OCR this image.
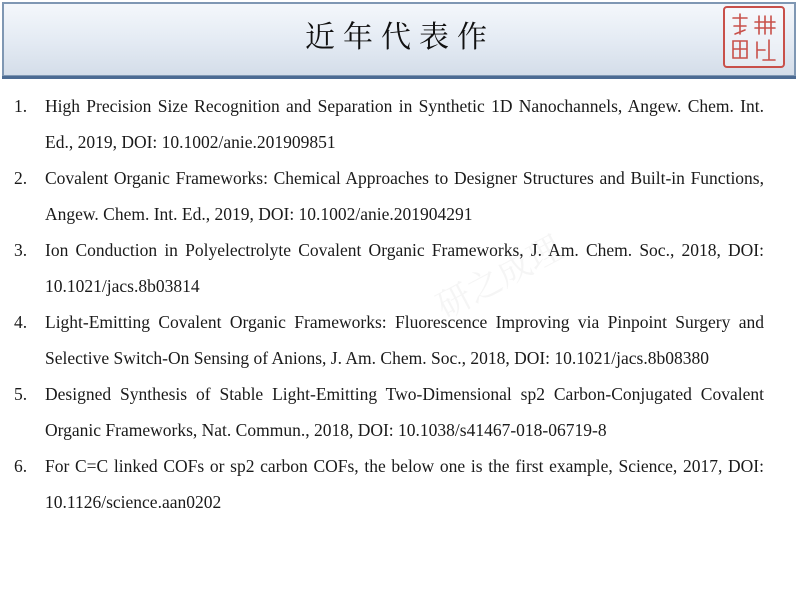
近年代表作
研之成理
1. High Precision Size Recognition and Separation in Synthetic 1D Nanochannels, Angew. Chem. Int. Ed., 2019, DOI: 10.1002/anie.201909851
2. Covalent Organic Frameworks: Chemical Approaches to Designer Structures and Built-in Functions, Angew. Chem. Int. Ed., 2019, DOI: 10.1002/anie.201904291
3. Ion Conduction in Polyelectrolyte Covalent Organic Frameworks, J. Am. Chem. Soc., 2018, DOI: 10.1021/jacs.8b03814
4. Light-Emitting Covalent Organic Frameworks: Fluorescence Improving via Pinpoint Surgery and Selective Switch-On Sensing of Anions, J. Am. Chem. Soc., 2018, DOI: 10.1021/jacs.8b08380
5. Designed Synthesis of Stable Light-Emitting Two-Dimensional sp2 Carbon-Conjugated Covalent Organic Frameworks, Nat. Commun., 2018, DOI: 10.1038/s41467-018-06719-8
6. For C=C linked COFs or sp2 carbon COFs, the below one is the first example, Science, 2017, DOI: 10.1126/science.aan0202
